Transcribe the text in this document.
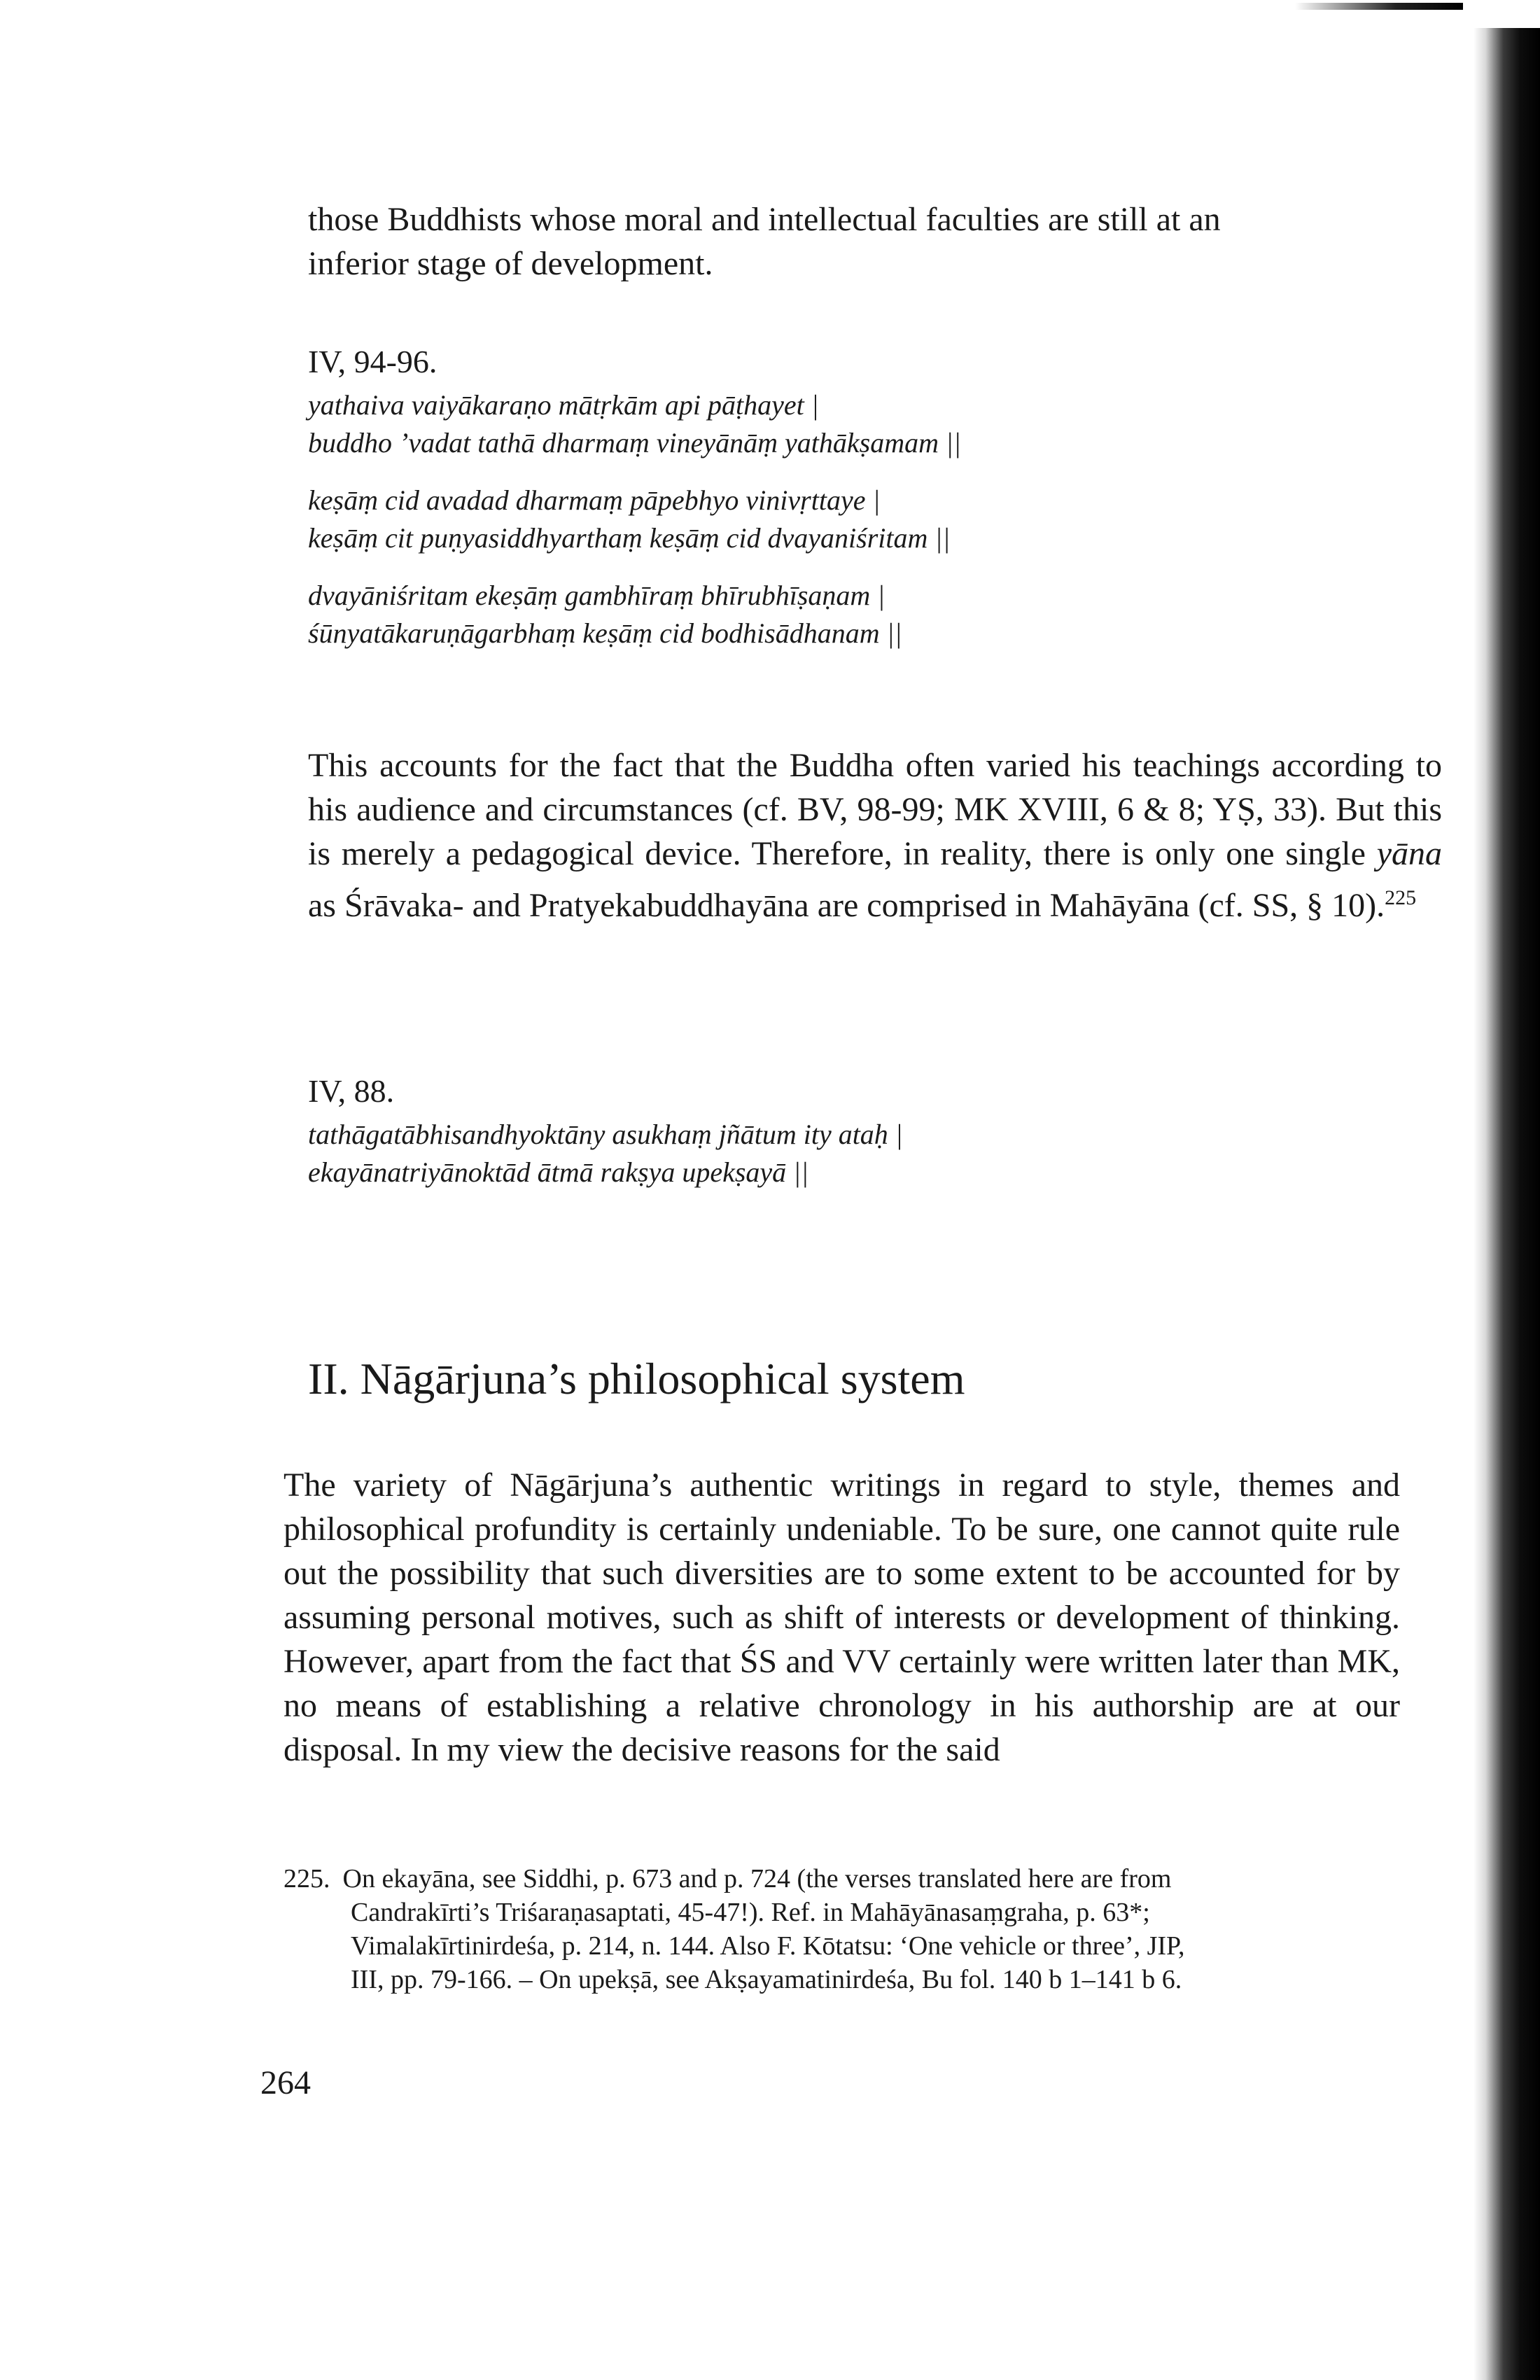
those Buddhists whose moral and intellectual faculties are still at an
inferior stage of development.
IV, 94-96.

yathaiva vaiyākaraṇo mātṛkām api pāṭhayet |

buddho ’vadat tathā dharmaṃ vineyānāṃ yathākṣamam ||

keṣāṃ cid avadad dharmaṃ pāpebhyo vinivṛttaye |

keṣāṃ cit puṇyasiddhyarthaṃ keṣāṃ cid dvayaniśritam ||

dvayāniśritam ekeṣāṃ gambhīraṃ bhīrubhīṣaṇam |

śūnyatākaruṇāgarbhaṃ keṣāṃ cid bodhisādhanam ||

This accounts for the fact that the Buddha often varied his teachings according to his audience and circumstances (cf. BV, 98-99; MK XVIII, 6 & 8; YṢ, 33). But this is merely a pedagogical device. Therefore, in reality, there is only one single yāna as Śrāvaka- and Pratyekabuddhayāna are comprised in Mahāyāna (cf. SS, § 10).$^{225}$
IV, 88.

tathāgatābhisandhyoktāny asukhaṃ jñātum ity ataḥ |

ekayānatriyānoktād ātmā rakṣya upekṣayā ||

II. Nāgārjuna’s philosophical system
The variety of Nāgārjuna’s authentic writings in regard to style, themes and philosophical profundity is certainly undeniable. To be sure, one cannot quite rule out the possibility that such diversities are to some extent to be accounted for by assuming personal motives, such as shift of interests or development of thinking. However, apart from the fact that ŚS and VV certainly were written later than MK, no means of establishing a relative chronology in his authorship are at our disposal. In my view the decisive reasons for the said
225. On ekayāna, see Siddhi, p. 673 and p. 724 (the verses translated here are from
Candrakīrti’s Triśaraṇasaptati, 45-47!). Ref. in Mahāyānasaṃgraha, p. 63*;
Vimalakīrtinirdeśa, p. 214, n. 144. Also F. Kōtatsu: ‘One vehicle or three’, JIP,
III, pp. 79-166. – On upekṣā, see Akṣayamatinirdeśa, Bu fol. 140 b 1–141 b 6.
264
